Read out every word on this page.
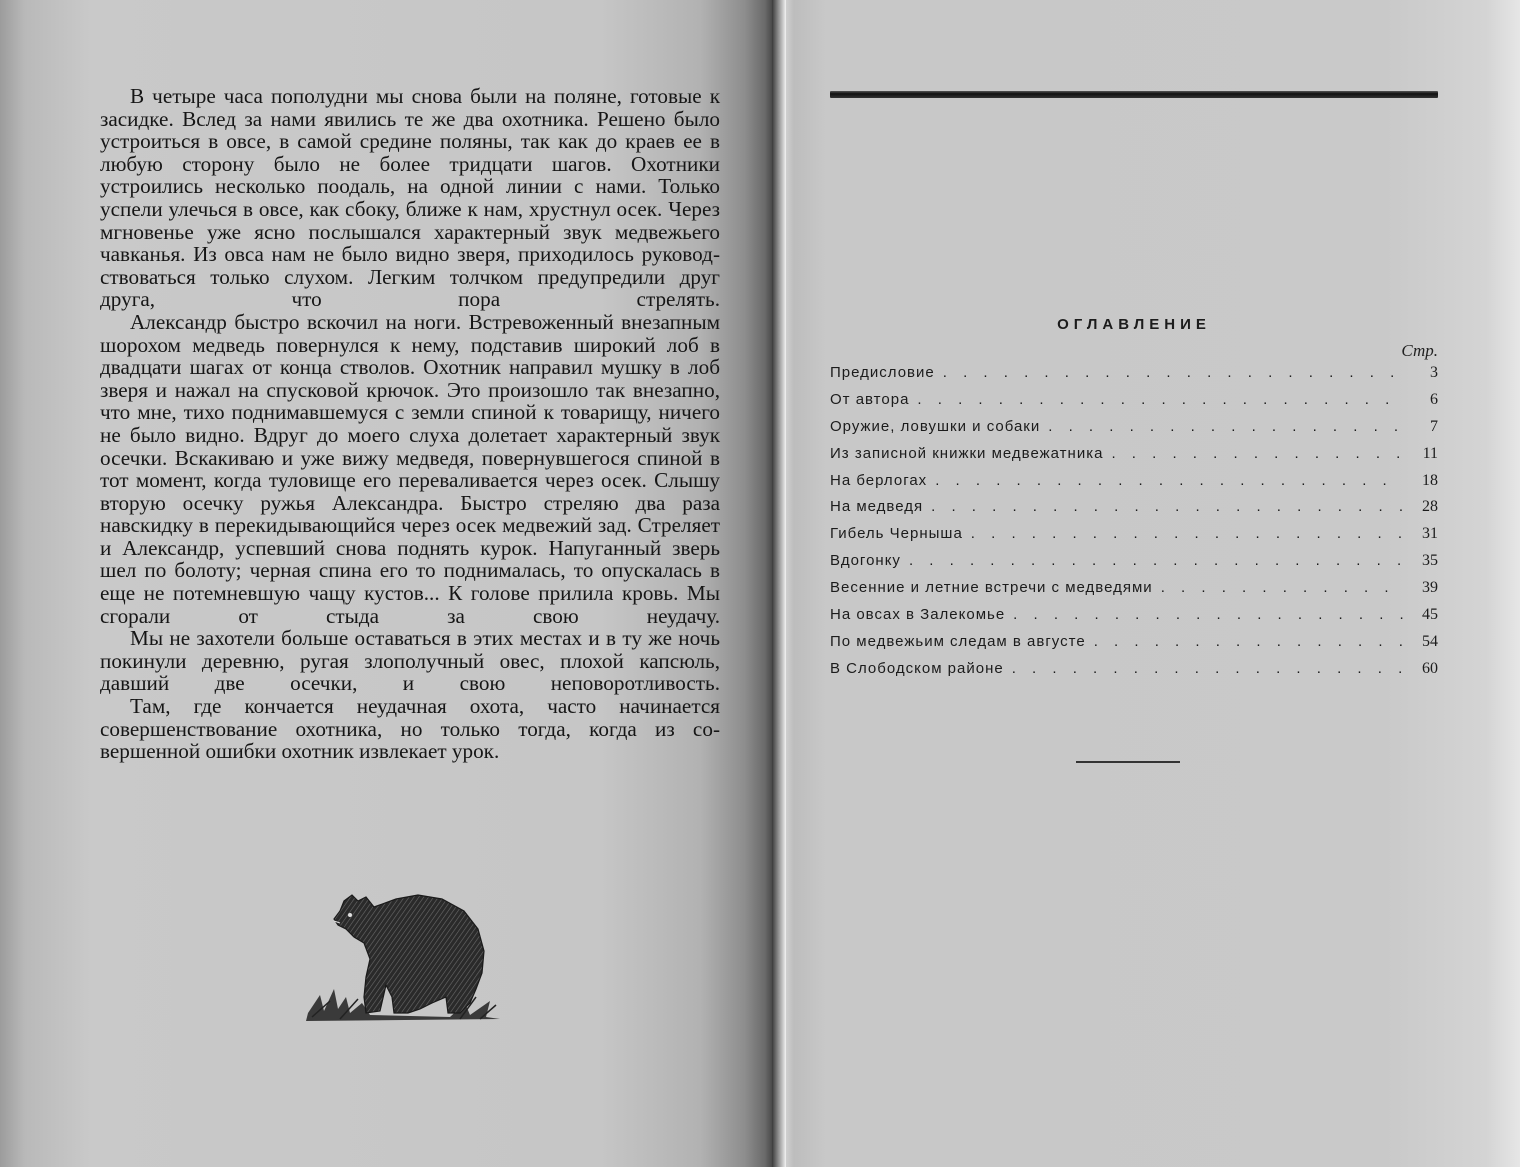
В четыре часа пополудни мы снова были на поляне, готовые к засидке. Вслед за нами явились те же два охотника. Решено было устроиться в овсе, в самой средине поляны, так как до краев ее в любую сторону было не более тридцати шагов. Охотники устроились несколько поодаль, на одной линии с нами. Только успели улечься в овсе, как сбоку, ближе к нам, хрустнул осек. Через мгновенье уже ясно послышался характерный звук медвежьего чавканья. Из овса нам не было видно зверя, приходилось руководствоваться только слухом. Легким толчком предупредили друг друга, что пора стрелять.

Александр быстро вскочил на ноги. Встревоженный внезапным шорохом медведь повернулся к нему, подставив широкий лоб в двадцати шагах от конца стволов. Охотник направил мушку в лоб зверя и нажал на спусковой крючок. Это произошло так внезапно, что мне, тихо поднимавшемуся с земли спиной к товарищу, ничего не было видно. Вдруг до моего слуха долетает характерный звук осечки. Вскакиваю и уже вижу медведя, повернувшегося спиной в тот момент, когда туловище его переваливается через осек. Слышу вторую осечку ружья Александра. Быстро стреляю два раза навскидку в перекидывающийся через осек медвежий зад. Стреляет и Александр, успевший снова поднять курок. Напуганный зверь шел по болоту; черная спина его то поднималась, то опускалась в еще не потемневшую чащу кустов... К голове прилила кровь. Мы сгорали от стыда за свою неудачу.

Мы не захотели больше оставаться в этих местах и в ту же ночь покинули деревню, ругая злополучный овес, плохой капсюль, давший две осечки, и свою неповоротливость.

Там, где кончается неудачная охота, часто начинается совершенствование охотника, но только тогда, когда из совершенной ошибки охотник извлекает урок.

ОГЛАВЛЕНИЕ
Стр.
Предисловие . . .	3
От автора . . .	6
Оружие, ловушки и собаки . . .	7
Из записной книжки медвежатника . . .	11
На берлогах . . .	18
На медведя . . .	28
Гибель Черныша . . .	31
Вдогонку . . .	35
Весенние и летние встречи с медведями . . .	39
На овсах в Залекомье . . .	45
По медвежьим следам в августе . . .	54
В Слободском районе . . .	60
